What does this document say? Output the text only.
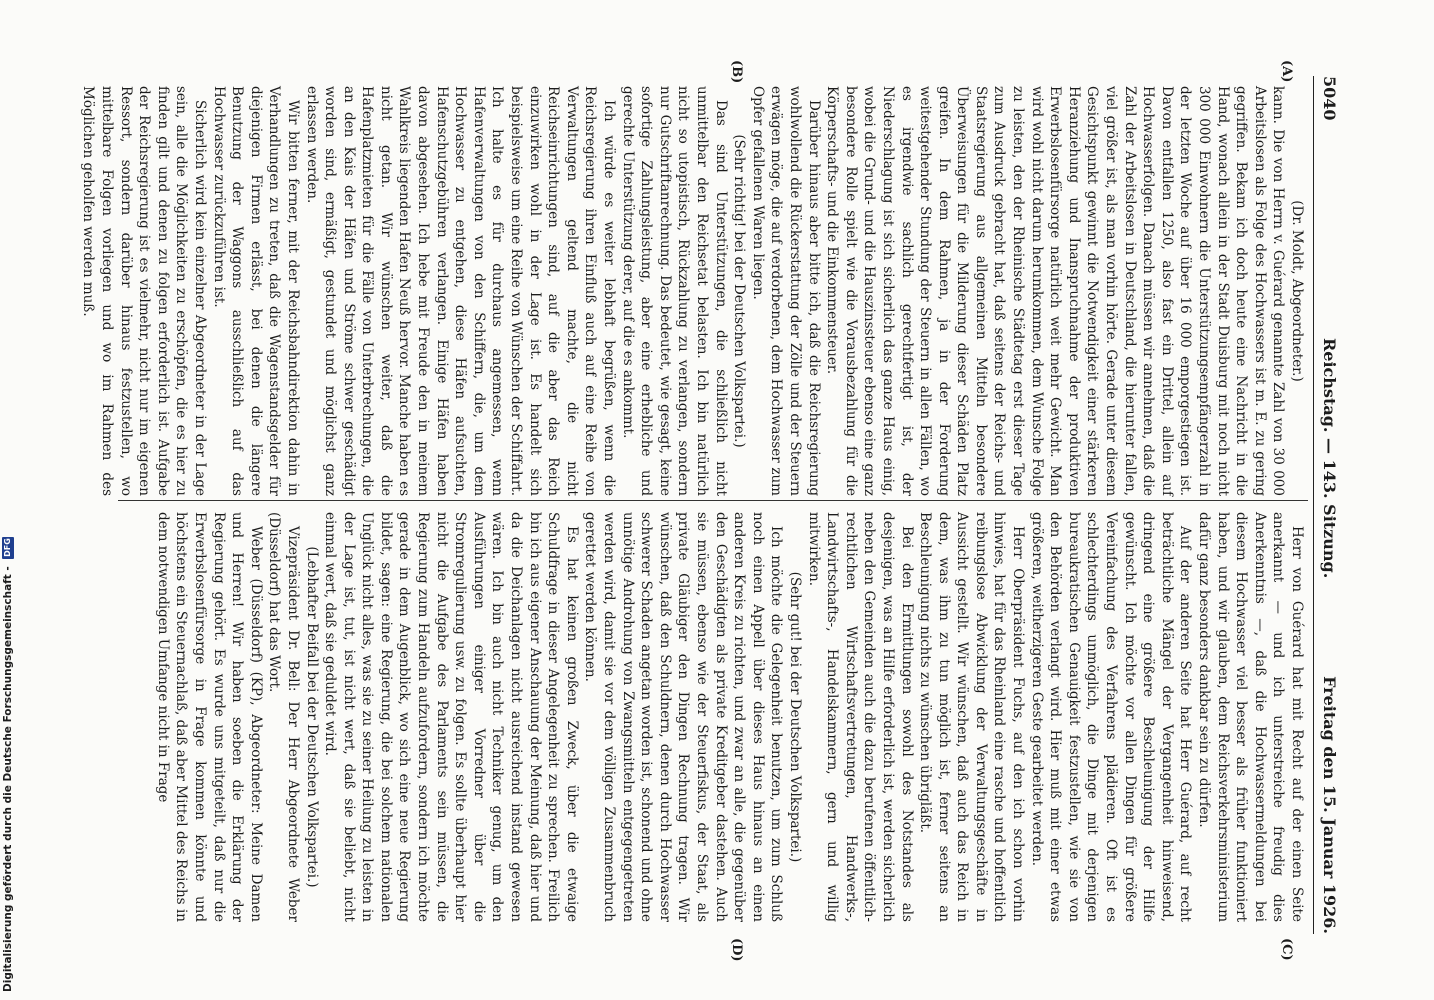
5040
Reichstag. — 143. Sitzung.
Freitag den 15. Januar 1926.
(A)
(B)
(C)
(D)

(Dr. Moldt, Abgeordneter.)

kann. Die von Herrn v. Guérard genannte Zahl von 30 000 Arbeitslosen als Folge des Hochwassers ist m. E. zu gering gegriffen. Bekam ich doch heute eine Nachricht in die Hand, wonach allein in der Stadt Duisburg mit noch nicht 300 000 Einwohnern die Unterstützungsempfängerzahl in der letzten Woche auf über 16 000 emporgestiegen ist. Davon entfallen 1250, also fast ein Drittel, allein auf Hochwasserfolgen. Danach müssen wir annehmen, daß die Zahl der Arbeitslosen in Deutschland, die hierunter fallen, viel größer ist, als man vorhin hörte. Gerade unter diesem Gesichtspunkt gewinnt die Notwendigkeit einer stärkeren Heranziehung und Inanspruchnahme der produktiven Erwerbslosenfürsorge natürlich weit mehr Gewicht. Man wird wohl nicht darum herumkommen, dem Wunsche Folge zu leisten, den der Rheinische Städtetag erst dieser Tage zum Ausdruck gebracht hat, daß seitens der Reichs- und Staatsregierung aus allgemeinen Mitteln besondere Überweisungen für die Milderung dieser Schäden Platz greifen. In dem Rahmen, ja in der Forderung weitestgehender Stundung der Steuern in allen Fällen, wo es irgendwie sachlich gerechtfertigt ist, der Niederschlagung ist sich sicherlich das ganze Haus einig, wobei die Grund- und die Hauszinssteuer ebenso eine ganz besondere Rolle spielt wie die Vorausbezahlung für die Körperschafts- und die Einkommensteuer.

Darüber hinaus aber bitte ich, daß die Reichsregierung wohlwollend die Rückerstattung der Zölle und der Steuern erwägen möge, die auf verdorbenen, dem Hochwasser zum Opfer gefallenen Waren liegen.

(Sehr richtig! bei der Deutschen Volkspartei.)

Das sind Unterstützungen, die schließlich nicht unmittelbar den Reichsetat belasten. Ich bin natürlich nicht so utopistisch, Rückzahlung zu verlangen, sondern nur Gutschriftanrechnung. Das bedeutet, wie gesagt, keine sofortige Zahlungsleistung, aber eine erhebliche und gerechte Unterstützung derer, auf die es ankommt.

Ich würde es weiter lebhaft begrüßen, wenn die Reichsregierung ihren Einfluß auch auf eine Reihe von Verwaltungen geltend machte, die nicht Reichseinrichtungen sind, auf die aber das Reich einzuwirken wohl in der Lage ist. Es handelt sich beispielsweise um eine Reihe von Wünschen der Schiffahrt. Ich halte es für durchaus angemessen, wenn Hafenverwaltungen von den Schiffern, die, um dem Hochwasser zu entgehen, diese Häfen aufsuchten, Hafenschutzgebühren verlangen. Einige Häfen haben davon abgesehen. Ich hebe mit Freude den in meinem Wahlkreis liegenden Hafen Neuß hervor. Manche haben es nicht getan. Wir wünschen weiter, daß die Hafenplatzmieten für die Fälle von Unterbrechungen, die an den Kais der Häfen und Ströme schwer geschädigt worden sind, ermäßigt, gestundet und möglichst ganz erlassen werden.

Wir bitten ferner, mit der Reichsbahndirektion dahin in Verhandlungen zu treten, daß die Wagenstandsgelder für diejenigen Firmen erlässt, bei denen die längere Benutzung der Waggons ausschließlich auf das Hochwasser zurückzuführen ist.

Sicherlich wird kein einzelner Abgeordneter in der Lage sein, alle die Möglichkeiten zu erschöpfen, die es hier zu finden gilt und denen zu folgen erforderlich ist. Aufgabe der Reichsregierung ist es vielmehr, nicht nur im eigenen Ressort, sondern darüber hinaus festzustellen, wo mittelbare Folgen vorliegen und wo im Rahmen des Möglichen geholfen werden muß.

Herr von Guérard hat mit Recht auf der einen Seite anerkannt — und ich unterstreiche freudig dies Anerkenntnis —, daß die Hochwassermeldungen bei diesem Hochwasser viel besser als früher funktioniert haben, und wir glauben, dem Reichsverkehrsministerium dafür ganz besonders dankbar sein zu dürfen.

Auf der anderen Seite hat Herr Guérard, auf recht beträchtliche Mängel der Vergangenheit hinweisend, dringend eine größere Beschleunigung der Hilfe gewünscht. Ich möchte vor allen Dingen für größere Vereinfachung des Verfahrens plädieren. Oft ist es schlechterdings unmöglich, die Dinge mit derjenigen bureaukratischen Genauigkeit festzustellen, wie sie von den Behörden verlangt wird. Hier muß mit einer etwas größeren, weitherzigeren Geste gearbeitet werden.

Herr Oberpräsident Fuchs, auf den ich schon vorhin hinwies, hat für das Rheinland eine rasche und hoffentlich reibungslose Abwicklung der Verwaltungsgeschäfte in Aussicht gestellt. Wir wünschen, daß auch das Reich in dem, was ihm zu tun möglich ist, ferner seitens an Beschleunigung nichts zu wünschen übrigläßt.

Bei den Ermittlungen sowohl des Notstandes als desjenigen, was an Hilfe erforderlich ist, werden sicherlich neben den Gemeinden auch die dazu berufenen öffentlich-rechtlichen Wirtschaftsvertretungen, Handwerks-, Landwirtschafts-, Handelskammern, gern und willig mitwirken.

(Sehr gut! bei der Deutschen Volkspartei.)

Ich möchte die Gelegenheit benutzen, um zum Schluß noch einen Appell über dieses Haus hinaus an einen anderen Kreis zu richten, und zwar an alle, die gegenüber den Geschädigten als private Kreditgeber dastehen. Auch sie müssen, ebenso wie der Steuerfiskus, der Staat, als private Gläubiger den Dingen Rechnung tragen. Wir wünschen, daß den Schuldnern, denen durch Hochwasser schwerer Schaden angetan worden ist, schonend und ohne unnötige Androhung von Zwangsmitteln entgegengetreten werden wird, damit sie vor dem völligen Zusammenbruch gerettet werden können.

Es hat keinen großen Zweck, über die etwaige Schuldfrage in dieser Angelegenheit zu sprechen. Freilich bin ich aus eigener Anschauung der Meinung, daß hier und da die Deichanlagen nicht ausreichend instand gewesen wären. Ich bin auch nicht Techniker genug, um den Ausführungen einiger Vorredner über die Stromregulierung usw. zu folgen. Es sollte überhaupt hier nicht die Aufgabe des Parlaments sein müssen, die Regierung zum Handeln aufzufordern, sondern ich möchte gerade in dem Augenblick, wo sich eine neue Regierung bildet, sagen: eine Regierung, die bei solchem nationalen Unglück nicht alles, was sie zu seiner Heilung zu leisten in der Lage ist, tut, ist nicht wert, daß sie beliebt, nicht einmal wert, daß sie geduldet wird.

(Lebhafter Beifall bei der Deutschen Volkspartei.)

Vizepräsident Dr. Bell: Der Herr Abgeordnete Weber (Düsseldorf) hat das Wort.

Weber (Düsseldorf) (KP), Abgeordneter: Meine Damen und Herren! Wir haben soeben die Erklärung der Regierung gehört. Es wurde uns mitgeteilt, daß nur die Erwerbslosenfürsorge in Frage kommen könnte und höchstens ein Steuernachlaß, daß aber Mittel des Reichs in dem notwendigen Umfange nicht in Frage

Digitalisierung gefördert durch die Deutsche Forschungsgemeinschaft - DFG
